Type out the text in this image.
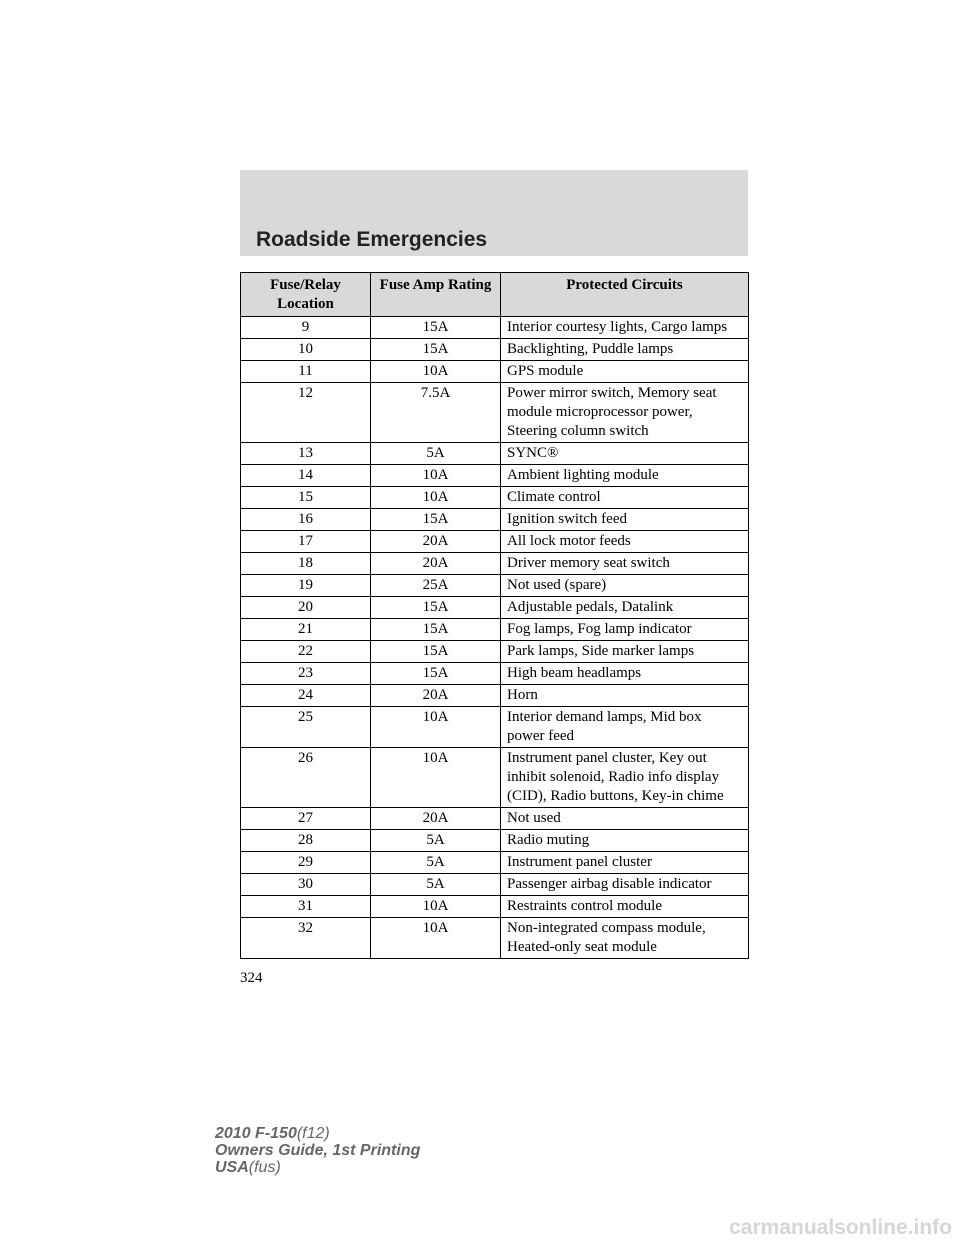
Roadside Emergencies
Fuse/Relay Location	Fuse Amp Rating	Protected Circuits
9	15A	Interior courtesy lights, Cargo lamps
10	15A	Backlighting, Puddle lamps
11	10A	GPS module
12	7.5A	Power mirror switch, Memory seat module microprocessor power, Steering column switch
13	5A	SYNC®
14	10A	Ambient lighting module
15	10A	Climate control
16	15A	Ignition switch feed
17	20A	All lock motor feeds
18	20A	Driver memory seat switch
19	25A	Not used (spare)
20	15A	Adjustable pedals, Datalink
21	15A	Fog lamps, Fog lamp indicator
22	15A	Park lamps, Side marker lamps
23	15A	High beam headlamps
24	20A	Horn
25	10A	Interior demand lamps, Mid box power feed
26	10A	Instrument panel cluster, Key out inhibit solenoid, Radio info display (CID), Radio buttons, Key-in chime
27	20A	Not used
28	5A	Radio muting
29	5A	Instrument panel cluster
30	5A	Passenger airbag disable indicator
31	10A	Restraints control module
32	10A	Non-integrated compass module, Heated-only seat module
324
2010 F-150(f12)
Owners Guide, 1st Printing
USA(fus)
carmanualsonline.info
